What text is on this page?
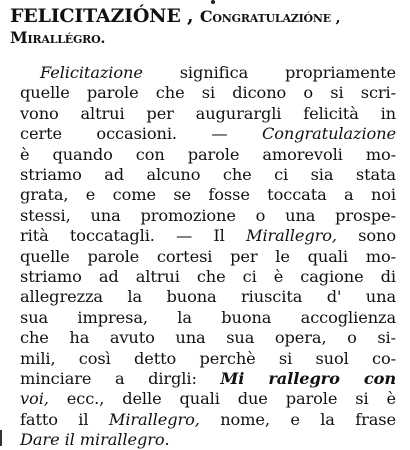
FELICITAZIÓNE , Congratulazióne ,
Mirallégro.
Felicitazione significa propriamente
quelle parole che si dicono o si scri-
vono altrui per augurargli felicità in
certe occasioni. — Congratulazione
è quando con parole amorevoli mo-
striamo ad alcuno che ci sia stata
grata, e come se fosse toccata a noi
stessi, una promozione o una prospe-
rità toccatagli. — Il Mirallegro, sono
quelle parole cortesi per le quali mo-
striamo ad altrui che ci è cagione di
allegrezza la buona riuscita d' una
sua impresa, la buona accoglienza
che ha avuto una sua opera, o si-
mili, così detto perchè si suol co-
minciare a dirgli: Mi rallegro con
voi, ecc., delle quali due parole si è
fatto il Mirallegro, nome, e la frase
Dare il mirallegro.
